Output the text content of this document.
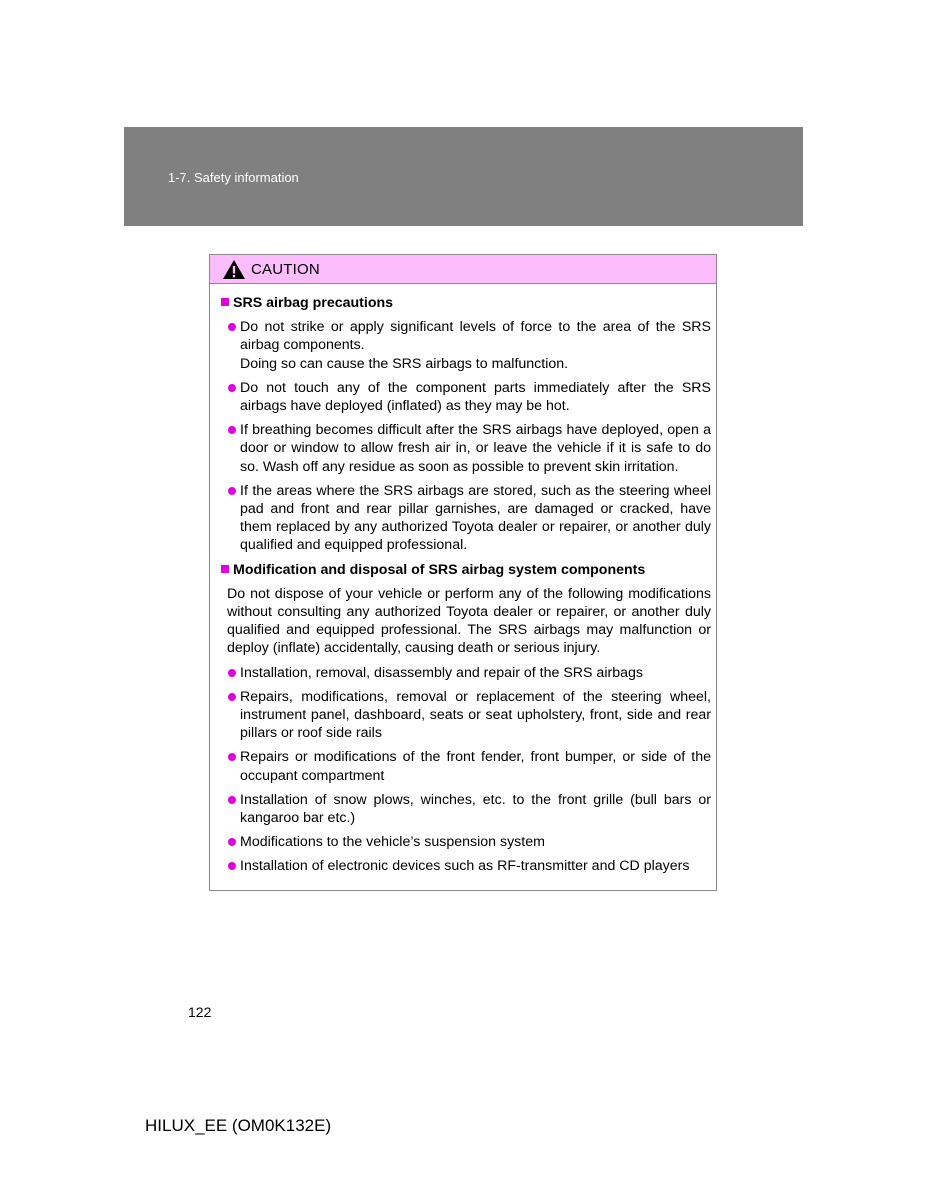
1-7. Safety information
CAUTION
SRS airbag precautions
Do not strike or apply significant levels of force to the area of the SRS airbag components.
Doing so can cause the SRS airbags to malfunction.
Do not touch any of the component parts immediately after the SRS airbags have deployed (inflated) as they may be hot.
If breathing becomes difficult after the SRS airbags have deployed, open a door or window to allow fresh air in, or leave the vehicle if it is safe to do so. Wash off any residue as soon as possible to prevent skin irritation.
If the areas where the SRS airbags are stored, such as the steering wheel pad and front and rear pillar garnishes, are damaged or cracked, have them replaced by any authorized Toyota dealer or repairer, or another duly qualified and equipped professional.
Modification and disposal of SRS airbag system components
Do not dispose of your vehicle or perform any of the following modifications without consulting any authorized Toyota dealer or repairer, or another duly qualified and equipped professional. The SRS airbags may malfunction or deploy (inflate) accidentally, causing death or serious injury.
Installation, removal, disassembly and repair of the SRS airbags
Repairs, modifications, removal or replacement of the steering wheel, instrument panel, dashboard, seats or seat upholstery, front, side and rear pillars or roof side rails
Repairs or modifications of the front fender, front bumper, or side of the occupant compartment
Installation of snow plows, winches, etc. to the front grille (bull bars or kangaroo bar etc.)
Modifications to the vehicle’s suspension system
Installation of electronic devices such as RF-transmitter and CD players
122
HILUX_EE (OM0K132E)
